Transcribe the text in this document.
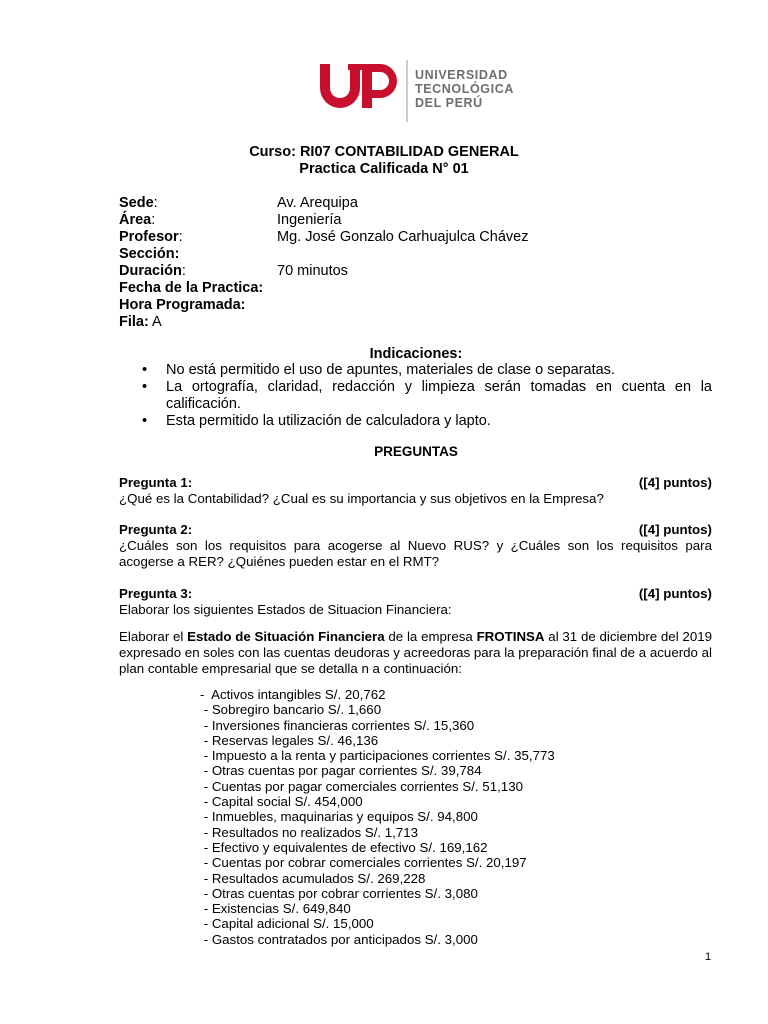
UNIVERSIDAD
TECNOLÓGICA
DEL PERÚ
Curso: RI07 CONTABILIDAD GENERAL
Practica Calificada N° 01
Sede:	Av. Arequipa
Área:	Ingeniería
Profesor:	Mg. José Gonzalo Carhuajulca Chávez
Sección:
Duración:	70 minutos
Fecha de la Practica:
Hora Programada:
Fila: A
Indicaciones:
• No está permitido el uso de apuntes, materiales de clase o separatas.
• La ortografía, claridad, redacción y limpieza serán tomadas en cuenta en la calificación.
• Esta permitido la utilización de calculadora y lapto.
PREGUNTAS
Pregunta 1:	([4] puntos)
¿Qué es la Contabilidad? ¿Cual es su importancia y sus objetivos en la Empresa?
Pregunta 2:	([4] puntos)
¿Cuáles son los requisitos para acogerse al Nuevo RUS? y ¿Cuáles son los requisitos para acogerse a RER? ¿Quiénes pueden estar en el RMT?
Pregunta 3:	([4] puntos)
Elaborar los siguientes Estados de Situacion Financiera:
Elaborar el Estado de Situación Financiera de la empresa FROTINSA al 31 de diciembre del 2019 expresado en soles con las cuentas deudoras y acreedoras para la preparación final de a acuerdo al plan contable empresarial que se detalla n a continuación:
-  Activos intangibles S/. 20,762
- Sobregiro bancario S/. 1,660
- Inversiones financieras corrientes S/. 15,360
- Reservas legales S/. 46,136
- Impuesto a la renta y participaciones corrientes S/. 35,773
- Otras cuentas por pagar corrientes S/. 39,784
- Cuentas por pagar comerciales corrientes S/. 51,130
- Capital social S/. 454,000
- Inmuebles, maquinarias y equipos S/. 94,800
- Resultados no realizados S/. 1,713
- Efectivo y equivalentes de efectivo S/. 169,162
- Cuentas por cobrar comerciales corrientes S/. 20,197
- Resultados acumulados S/. 269,228
- Otras cuentas por cobrar corrientes S/. 3,080
- Existencias S/. 649,840
- Capital adicional S/. 15,000
- Gastos contratados por anticipados S/. 3,000
1
